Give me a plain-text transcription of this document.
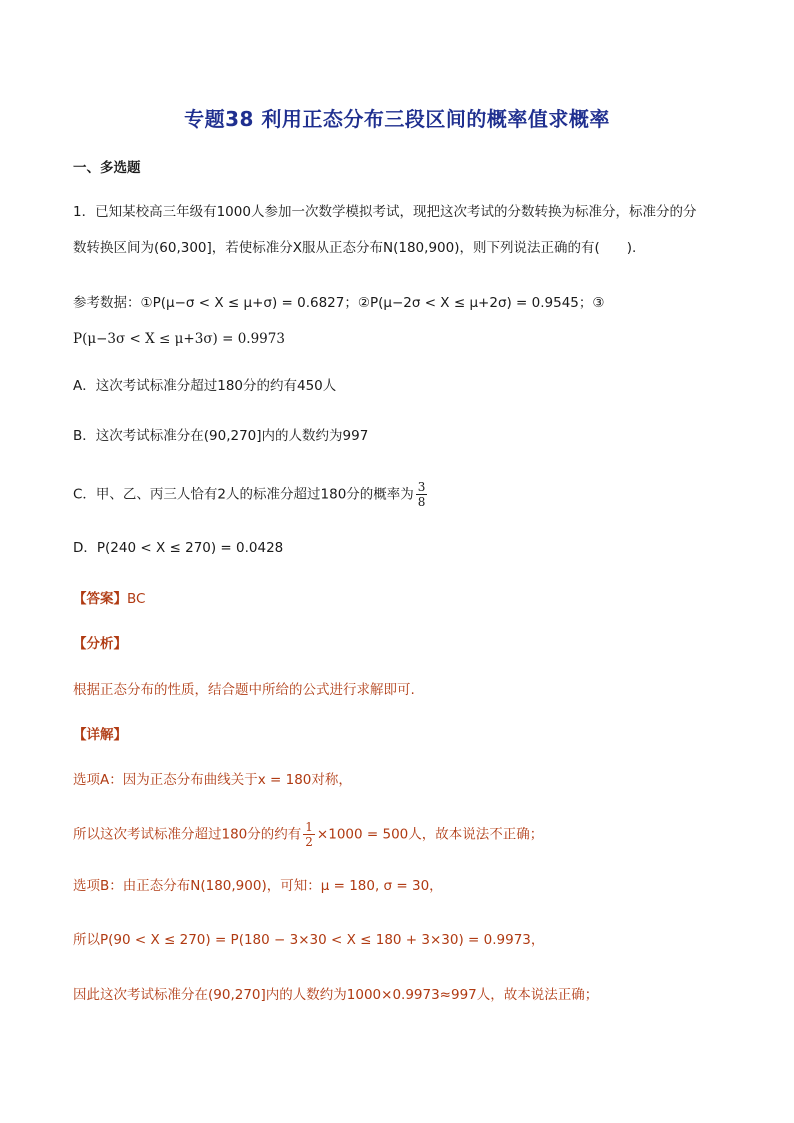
专题38 利用正态分布三段区间的概率值求概率
一、多选题
1．已知某校高三年级有1000人参加一次数学模拟考试，现把这次考试的分数转换为标准分，标准分的分
数转换区间为(60,300]，若使标准分X服从正态分布N(180,900)，则下列说法正确的有(　　).
参考数据：①P(μ−σ < X ≤ μ+σ) = 0.6827；②P(μ−2σ < X ≤ μ+2σ) = 0.9545；③
P(μ−3σ < X ≤ μ+3σ) = 0.9973
A．这次考试标准分超过180分的约有450人
B．这次考试标准分在(90,270]内的人数约为997
C．甲、乙、丙三人恰有2人的标准分超过180分的概率为 $\frac{3}{8}$
D．P(240 < X ≤ 270) = 0.0428
【答案】BC
【分析】
根据正态分布的性质，结合题中所给的公式进行求解即可.
【详解】
选项A：因为正态分布曲线关于x = 180对称，
所以这次考试标准分超过180分的约有 $\frac{1}{2} \times 1000 = 500$人，故本说法不正确；
选项B：由正态分布N(180,900)，可知：μ = 180, σ = 30，
所以P(90 < X ≤ 270) = P(180 − 3×30 < X ≤ 180 + 3×30) = 0.9973，
因此这次考试标准分在(90,270]内的人数约为1000×0.9973≈997人，故本说法正确；
